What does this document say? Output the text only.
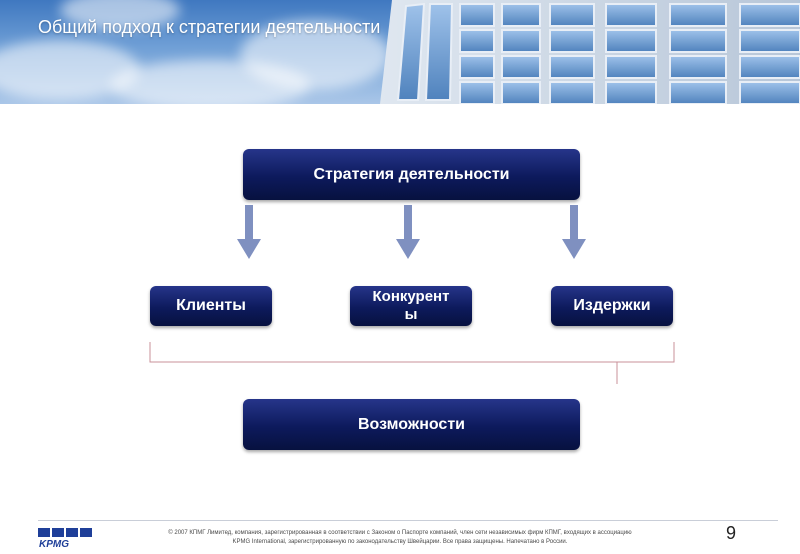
Общий подход к стратегии деятельности
Стратегия деятельности
Клиенты
Конкурент
ы
Издержки
Возможности
KPMG
© 2007 КПМГ Лимитед, компания, зарегистрированная в соответствии с Законом о Паспорте компаний, член сети независимых фирм КПМГ, входящих в ассоциацию
KPMG International, зарегистрированную по законодательству Швейцарии. Все права защищены. Напечатано в России.	9
